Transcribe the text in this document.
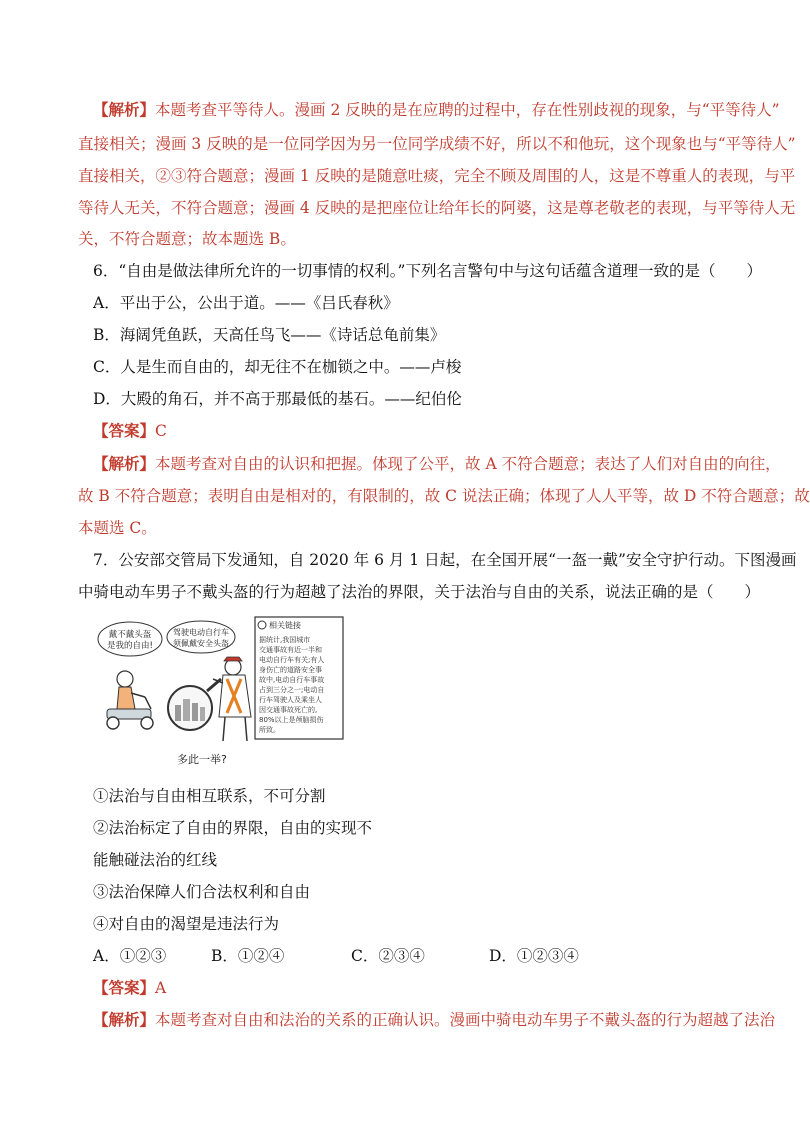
【解析】本题考查平等待人。漫画 2 反映的是在应聘的过程中，存在性别歧视的现象，与“平等待人”
直接相关；漫画 3 反映的是一位同学因为另一位同学成绩不好，所以不和他玩，这个现象也与“平等待人”
直接相关，②③符合题意；漫画 1 反映的是随意吐痰，完全不顾及周围的人，这是不尊重人的表现，与平
等待人无关，不符合题意；漫画 4 反映的是把座位让给年长的阿婆，这是尊老敬老的表现，与平等待人无
关，不符合题意；故本题选 B。
6．“自由是做法律所允许的一切事情的权利。”下列名言警句中与这句话蕴含道理一致的是（　　）
A．平出于公，公出于道。——《吕氏春秋》
B．海阔凭鱼跃，天高任鸟飞——《诗话总龟前集》
C．人是生而自由的，却无往不在枷锁之中。——卢梭
D．大殿的角石，并不高于那最低的基石。——纪伯伦
【答案】C
【解析】本题考查对自由的认识和把握。体现了公平，故 A 不符合题意；表达了人们对自由的向往，
故 B 不符合题意；表明自由是相对的，有限制的，故 C 说法正确；体现了人人平等，故 D 不符合题意；故
本题选 C。
7．公安部交管局下发通知，自 2020 年 6 月 1 日起，在全国开展“一盔一戴”安全守护行动。下图漫画
中骑电动车男子不戴头盔的行为超越了法治的界限，关于法治与自由的关系，说法正确的是（　　）
戴不戴头盔
是我的自由!
驾驶电动自行车
须佩戴安全头盔
相关链接
据统计,我国城市
交通事故有近一半和
电动自行车有关;有人
身伤亡的道路安全事
故中,电动自行车事故
占到三分之一;电动自
行车驾驶人及乘坐人
因交通事故死亡的,
80%以上是颅脑损伤
所致。
多此一举?
①法治与自由相互联系，不可分割
②法治标定了自由的界限，自由的实现不
能触碰法治的红线
③法治保障人们合法权利和自由
④对自由的渴望是违法行为
A．①②③	B．①②④	C．②③④	D．①②③④
【答案】A
【解析】本题考查对自由和法治的关系的正确认识。漫画中骑电动车男子不戴头盔的行为超越了法治
